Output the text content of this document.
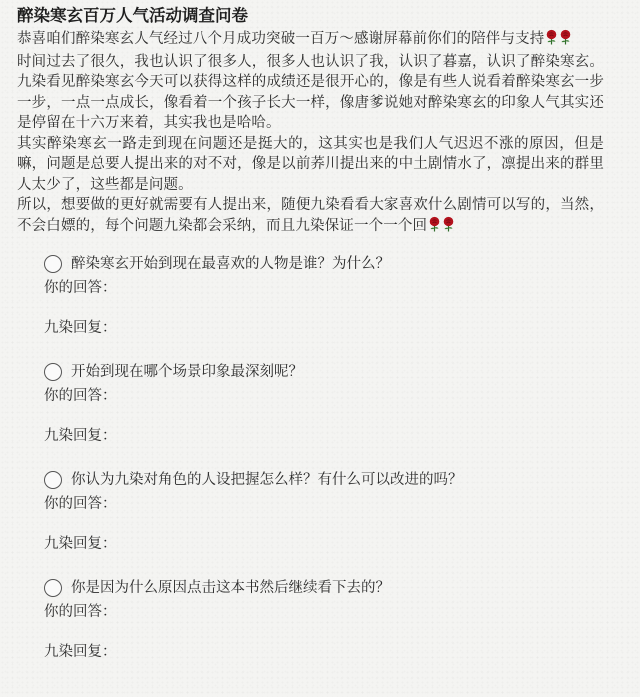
醉染寒玄百万人气活动调查问卷

恭喜咱们醉染寒玄人气经过八个月成功突破一百万～感谢屏幕前你们的陪伴与支持

时间过去了很久，我也认识了很多人，很多人也认识了我，认识了暮嘉，认识了醉染寒玄。九染看见醉染寒玄今天可以获得这样的成绩还是很开心的，像是有些人说看着醉染寒玄一步一步，一点一点成长，像看着一个孩子长大一样，像唐爹说她对醉染寒玄的印象人气其实还是停留在十六万来着，其实我也是哈哈。

其实醉染寒玄一路走到现在问题还是挺大的，这其实也是我们人气迟迟不涨的原因，但是嘛，问题是总要人提出来的对不对，像是以前荞川提出来的中土剧情水了，凛提出来的群里人太少了，这些都是问题。

所以，想要做的更好就需要有人提出来，随便九染看看大家喜欢什么剧情可以写的，当然，不会白嫖的，每个问题九染都会采纳，而且九染保证一个一个回

醉染寒玄开始到现在最喜欢的人物是谁？为什么？
你的回答：
九染回复：
开始到现在哪个场景印象最深刻呢？
你的回答：
九染回复：
你认为九染对角色的人设把握怎么样？有什么可以改进的吗？
你的回答：
九染回复：
你是因为什么原因点击这本书然后继续看下去的？
你的回答：
九染回复：
